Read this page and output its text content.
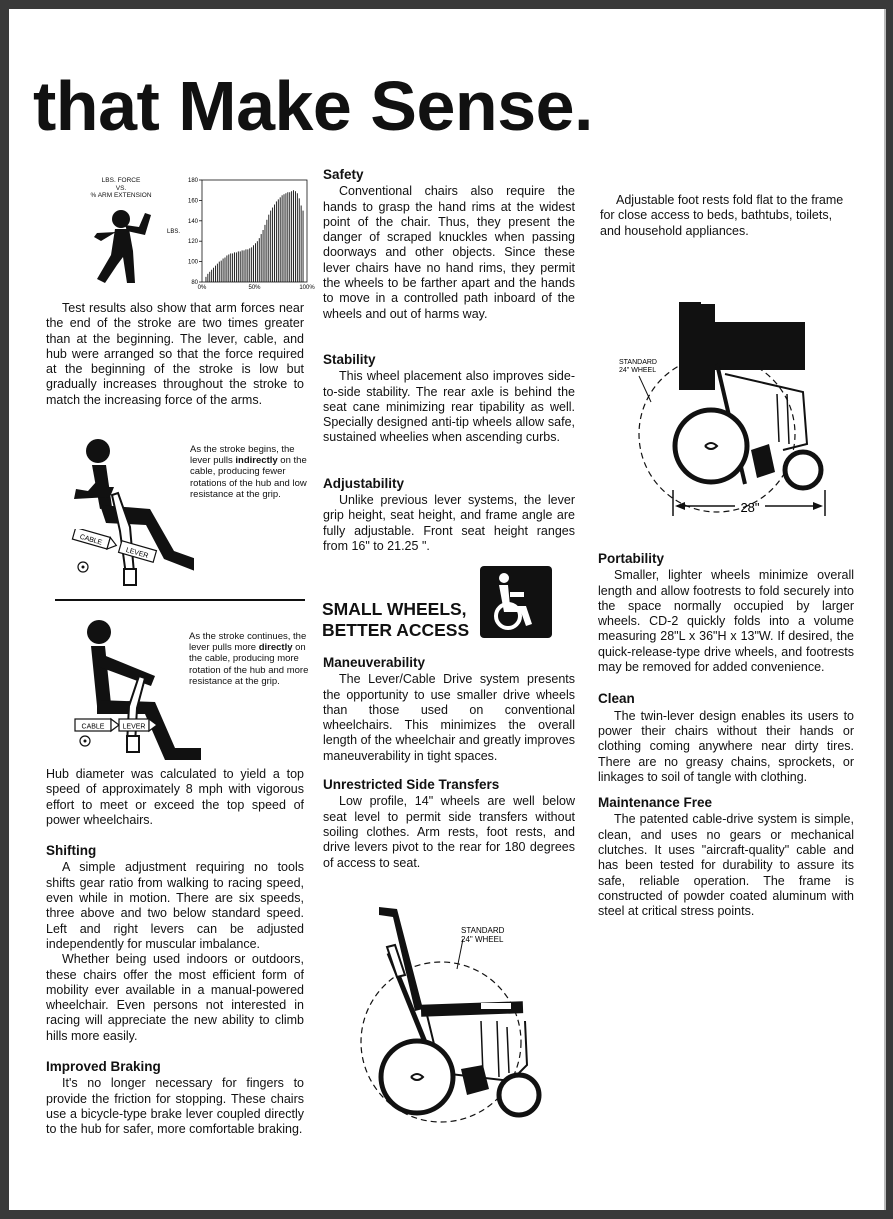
that Make Sense.
LBS. FORCE
VS.
% ARM EXTENSION
180
160
140
120
100
80
0%	50%	100%
LBS.

Test results also show that arm forces near the end of the stroke are two times greater than at the beginning. The lever, cable, and hub were arranged so that the force required at the beginning of the stroke is low but gradually increases throughout the stroke to match the increasing force of the arms.

CABLE
LEVER
As the stroke begins, the lever pulls indirectly on the cable, producing fewer rotations of the hub and low resistance at the grip.
CABLE	LEVER
As the stroke continues, the lever pulls more directly on the cable, producing more rotation of the hub and more resistance at the grip.

Hub diameter was calculated to yield a top speed of approximately 8 mph with vigorous effort to meet or exceed the top speed of power wheelchairs.

Shifting

A simple adjustment requiring no tools shifts gear ratio from walking to racing speed, even while in motion. There are six speeds, three above and two below standard speed. Left and right levers can be adjusted independently for muscular imbalance.

Whether being used indoors or outdoors, these chairs offer the most efficient form of mobility ever available in a manual-powered wheelchair. Even persons not interested in racing will appreciate the new ability to climb hills more easily.

Improved Braking

It's no longer necessary for fingers to provide the friction for stopping. These chairs use a bicycle-type brake lever coupled directly to the hub for safer, more comfortable braking.

Safety

Conventional chairs also require the hands to grasp the hand rims at the widest point of the chair. Thus, they present the danger of scraped knuckles when passing doorways and other objects. Since these lever chairs have no hand rims, they permit the wheels to be farther apart and the hands to move in a controlled path inboard of the wheels and out of harms way.

Stability

This wheel placement also improves side-to-side stability. The rear axle is behind the seat cane minimizing rear tipability as well. Specially designed anti-tip wheels allow safe, sustained wheelies when ascending curbs.

Adjustability

Unlike previous lever systems, the lever grip height, seat height, and frame angle are fully adjustable. Front seat height ranges from 16" to 21.25 ".

SMALL WHEELS,
BETTER ACCESS
Maneuverability

The Lever/Cable Drive system presents the opportunity to use smaller drive wheels than those used on conventional wheelchairs. This minimizes the overall length of the wheelchair and greatly improves maneuverability in tight spaces.

Unrestricted Side Transfers

Low profile, 14" wheels are well below seat level to permit side transfers without soiling clothes. Arm rests, foot rests, and drive levers pivot to the rear for 180 degrees of access to seat.

STANDARD
24" WHEEL

Adjustable foot rests fold flat to the frame for close access to beds, bathtubs, toilets, and household appliances.

STANDARD
24" WHEEL
28"
Portability

Smaller, lighter wheels minimize overall length and allow footrests to fold securely into the space normally occupied by larger wheels. CD-2 quickly folds into a volume measuring 28"L x 36"H x 13"W. If desired, the quick-release-type drive wheels, and footrests may be removed for added convenience.

Clean

The twin-lever design enables its users to power their chairs without their hands or clothing coming anywhere near dirty tires. There are no greasy chains, sprockets, or linkages to soil of tangle with clothing.

Maintenance Free

The patented cable-drive system is simple, clean, and uses no gears or mechanical clutches. It uses "aircraft-quality" cable and has been tested for durability to assure its safe, reliable operation. The frame is constructed of powder coated aluminum with steel at critical stress points.
